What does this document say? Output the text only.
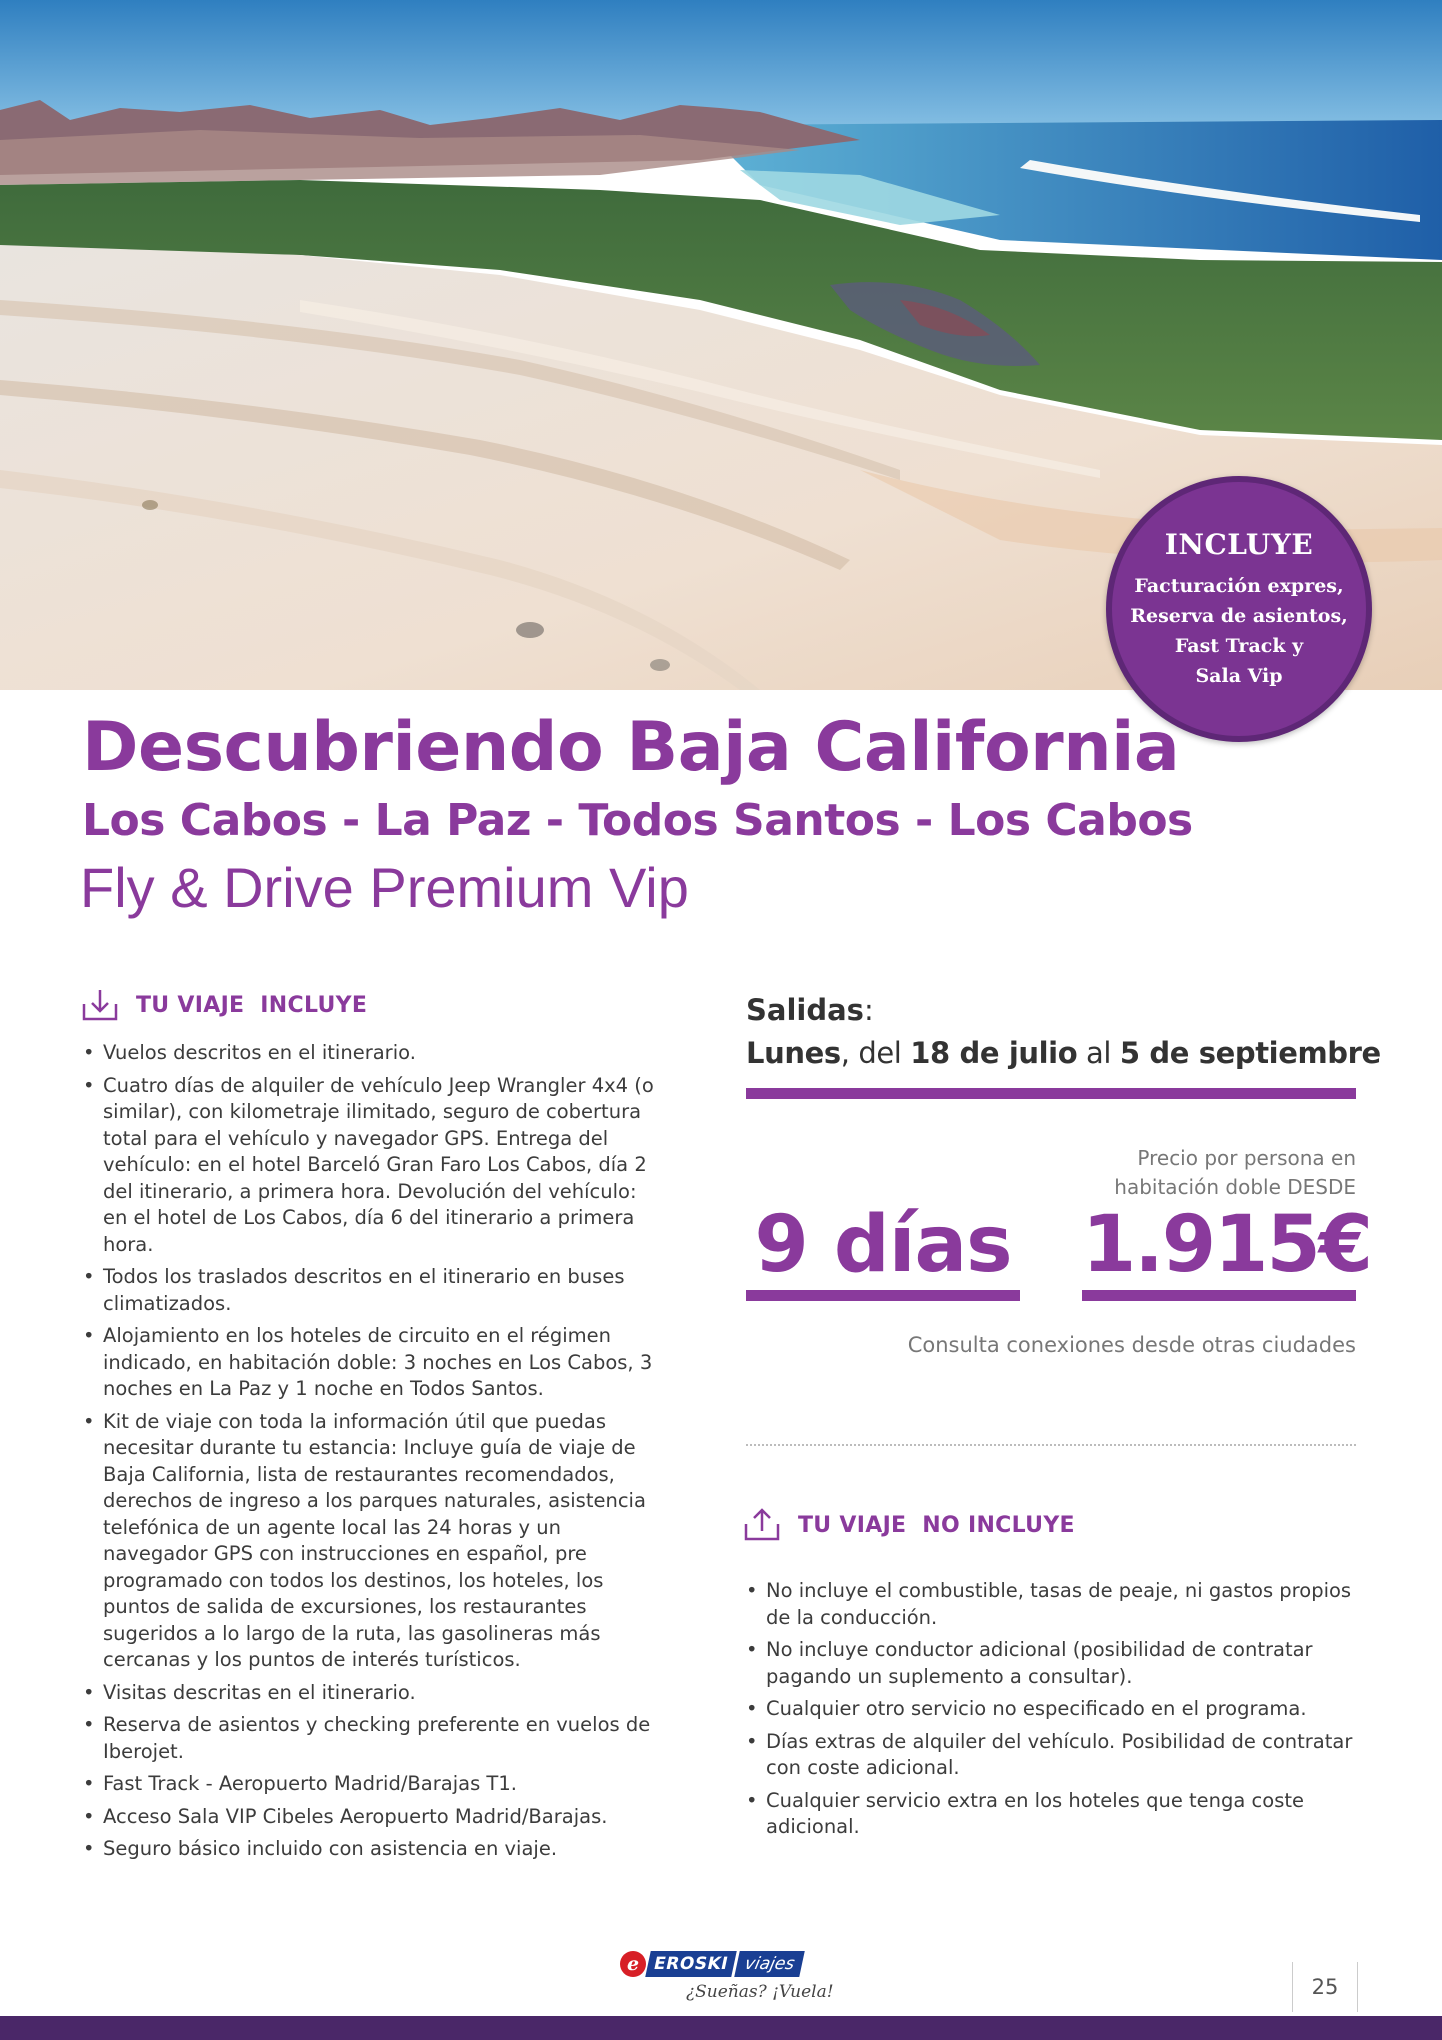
INCLUYE
Facturación expres,
Reserva de asientos,
Fast Track y
Sala Vip
Descubriendo Baja California
Los Cabos - La Paz - Todos Santos - Los Cabos
Fly & Drive Premium Vip
TU VIAJE  INCLUYE
• Vuelos descritos en el itinerario.
• Cuatro días de alquiler de vehículo Jeep Wrangler 4x4 (o similar), con kilometraje ilimitado, seguro de cobertura total para el vehículo y navegador GPS. Entrega del vehículo: en el hotel Barceló Gran Faro Los Cabos, día 2 del itinerario, a primera hora. Devolución del vehículo: en el hotel de Los Cabos, día 6 del itinerario a primera hora.
• Todos los traslados descritos en el itinerario en buses climatizados.
• Alojamiento en los hoteles de circuito en el régimen indicado, en habitación doble: 3 noches en Los Cabos, 3 noches en La Paz y 1 noche en Todos Santos.
• Kit de viaje con toda la información útil que puedas necesitar durante tu estancia: Incluye guía de viaje de Baja California, lista de restaurantes recomendados, derechos de ingreso a los parques naturales, asistencia telefónica de un agente local las 24 horas y un navegador GPS con instrucciones en español, pre programado con todos los destinos, los hoteles, los puntos de salida de excursiones, los restaurantes sugeridos a lo largo de la ruta, las gasolineras más cercanas y los puntos de interés turísticos.
• Visitas descritas en el itinerario.
• Reserva de asientos y checking preferente en vuelos de Iberojet.
• Fast Track - Aeropuerto Madrid/Barajas T1.
• Acceso Sala VIP Cibeles Aeropuerto Madrid/Barajas.
• Seguro básico incluido con asistencia en viaje.
Salidas:
Lunes, del 18 de julio al 5 de septiembre
Precio por persona en
habitación doble DESDE
9 días 1.915€
Consulta conexiones desde otras ciudades
TU VIAJE  NO INCLUYE
• No incluye el combustible, tasas de peaje, ni gastos propios de la conducción.
• No incluye conductor adicional (posibilidad de contratar pagando un suplemento a consultar).
• Cualquier otro servicio no especificado en el programa.
• Días extras de alquiler del vehículo. Posibilidad de contratar con coste adicional.
• Cualquier servicio extra en los hoteles que tenga coste adicional.
e EROSKI viajes
¿Sueñas? ¡Vuela!	25
